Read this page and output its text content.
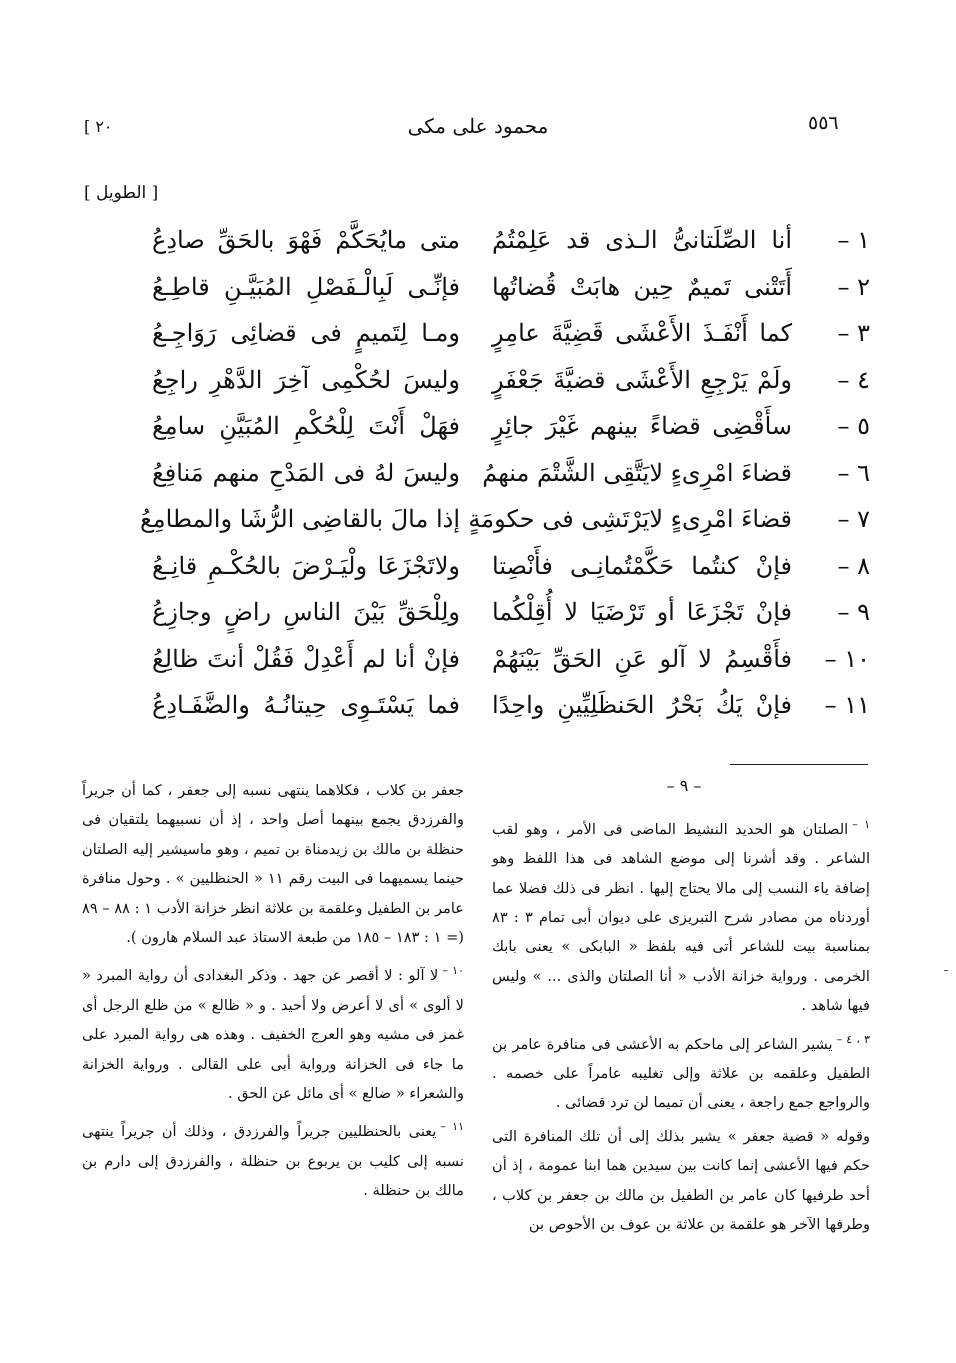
٥٥٦
محمود على مكى
[ ٢٠
[ الطويل ]
١ –
أنا الصِّلَتانىُّ الـذى قد عَلِمْتُمُ
متى مايُحَكَّمْ فَهْوَ بالحَقِّ صادِعُ
٢ –
أَتَتْنى تَميمٌ حِين هابَتْ قُضاتُها
فإنِّـى لَبِالْـفَصْلِ المُبَيَّـنِ قاطِـعُ
٣ –
كما أَنْفَـذَ الأَعْشَى قَضِيَّةَ عامِرٍ
ومـا لِتَميمٍ فى قضائِى رَوَاجِـعُ
٤ –
ولَمْ يَرْجِعِ الأَعْشَى قضيَّةَ جَعْفَرٍ
وليسَ لحُكْمِى آخِرَ الدَّهْرِ راجِعُ
٥ –
سأَقْضِى قضاءً بينهم غَيْرَ جائِرٍ
فهَلْ أَنْتَ لِلْحُكْمِ المُبَيَّنِ سامِعُ
٦ –
قضاءَ امْرِىءٍ لايَتَّقِى الشَّتْمَ منهمُ
وليسَ لهُ فى المَدْحِ منهم مَنافِعُ
٧ –
قضاءَ امْرِىءٍ لايَرْتَشِى فى حكومَةٍ
إذا مالَ بالقاضِى الرُّشَا والمطامِعُ
٨ –
فإنْ كنتُما حَكَّمْتُمانِـى فأَنْصِتا
ولاتَجْزَعَا ولْيَـرْضَ بالحُكْـمِ قانِـعُ
٩ –
فإنْ تَجْزَعَا أو تَرْضَيَا لا أُقِلْكُما
ولِلْحَقِّ بَيْنَ الناسِ راضٍ وجازِعُ
١٠ –
فأَقْسِمُ لا آلو عَنِ الحَقِّ بَيْنَهُمْ
فإنْ أنا لم أَعْدِلْ فَقُلْ أنتَ ظالِعُ
١١ –
فإنْ يَكُ بَحْرُ الحَنظَلِيِّينِ واحِدًا
فما يَسْتَـوِى حِيتانُـهُ والضَّفَـادِعُ
– ٩ –

$^{١ -}$الصلتان هو الحديد النشيط الماضى فى الأمر ، وهو لقب الشاعر . وقد أشرنا إلى موضع الشاهد فى هذا اللفظ وهو إضافة ياء النسب إلى مالا يحتاج إليها . انظر فى ذلك فضلا عما أوردناه من مصادر شرح التبريزى على ديوان أبى تمام ٣ : ٨٣ بمناسبة بيت للشاعر أتى فيه بلفظ « البابكى » يعنى بابك الخرمى . ورواية خزانة الأدب « أنا الصلتان والذى ... » وليس فيها شاهد .

$^{٣ ، ٤ -}$يشير الشاعر إلى ماحكم به الأعشى فى منافرة عامر بن الطفيل وعلقمه بن علاثة وإلى تغليبه عامراً على خصمه . والرواجع جمع راجعة ، يعنى أن تميما لن ترد قضائى .

وقوله « قضية جعفر » يشير بذلك إلى أن تلك المنافرة التى حكم فيها الأعشى إنما كانت بين سيدين هما ابنا عمومة ، إذ أن أحد طرفيها كان عامر بن الطفيل بن مالك بن جعفر بن كلاب ، وطرفها الآخر هو علقمة بن علاثة بن عوف بن الأحوص بن

جعفر بن كلاب ، فكلاهما ينتهى نسبه إلى جعفر ، كما أن جريراً والفرزدق يجمع بينهما أصل واحد ، إذ أن نسبيهما يلتقيان فى حنظلة بن مالك بن زيدمناة بن تميم ، وهو ماسيشير إليه الصلتان حينما يسميهما فى البيت رقم ١١ « الحنظليين » . وحول منافرة عامر بن الطفيل وعلقمة بن علاثة انظر خزانة الأدب ١ : ٨٨ – ٨٩ (= ١ : ١٨٣ – ١٨٥ من طبعة الاستاذ عبد السلام هارون ).

$^{١٠ -}$لا آلو : لا أقصر عن جهد . وذكر البغدادى أن رواية المبرد « لا ألوى » أى لا أعرض ولا أحيد . و « ظالع » من ظلع الرجل أى غمز فى مشيه وهو العرج الخفيف . وهذه هى رواية المبرد على ما جاء فى الخزانة ورواية أبى على القالى . ورواية الخزانة والشعراء « ضالع » أى مائل عن الحق .

$^{١١ -}$يعنى بالحنظليين جريراً والفرزدق ، وذلك أن جريراً ينتهى نسبه إلى كليب بن يربوع بن حنظلة ، والفرزدق إلى دارم بن مالك بن حنظلة .
